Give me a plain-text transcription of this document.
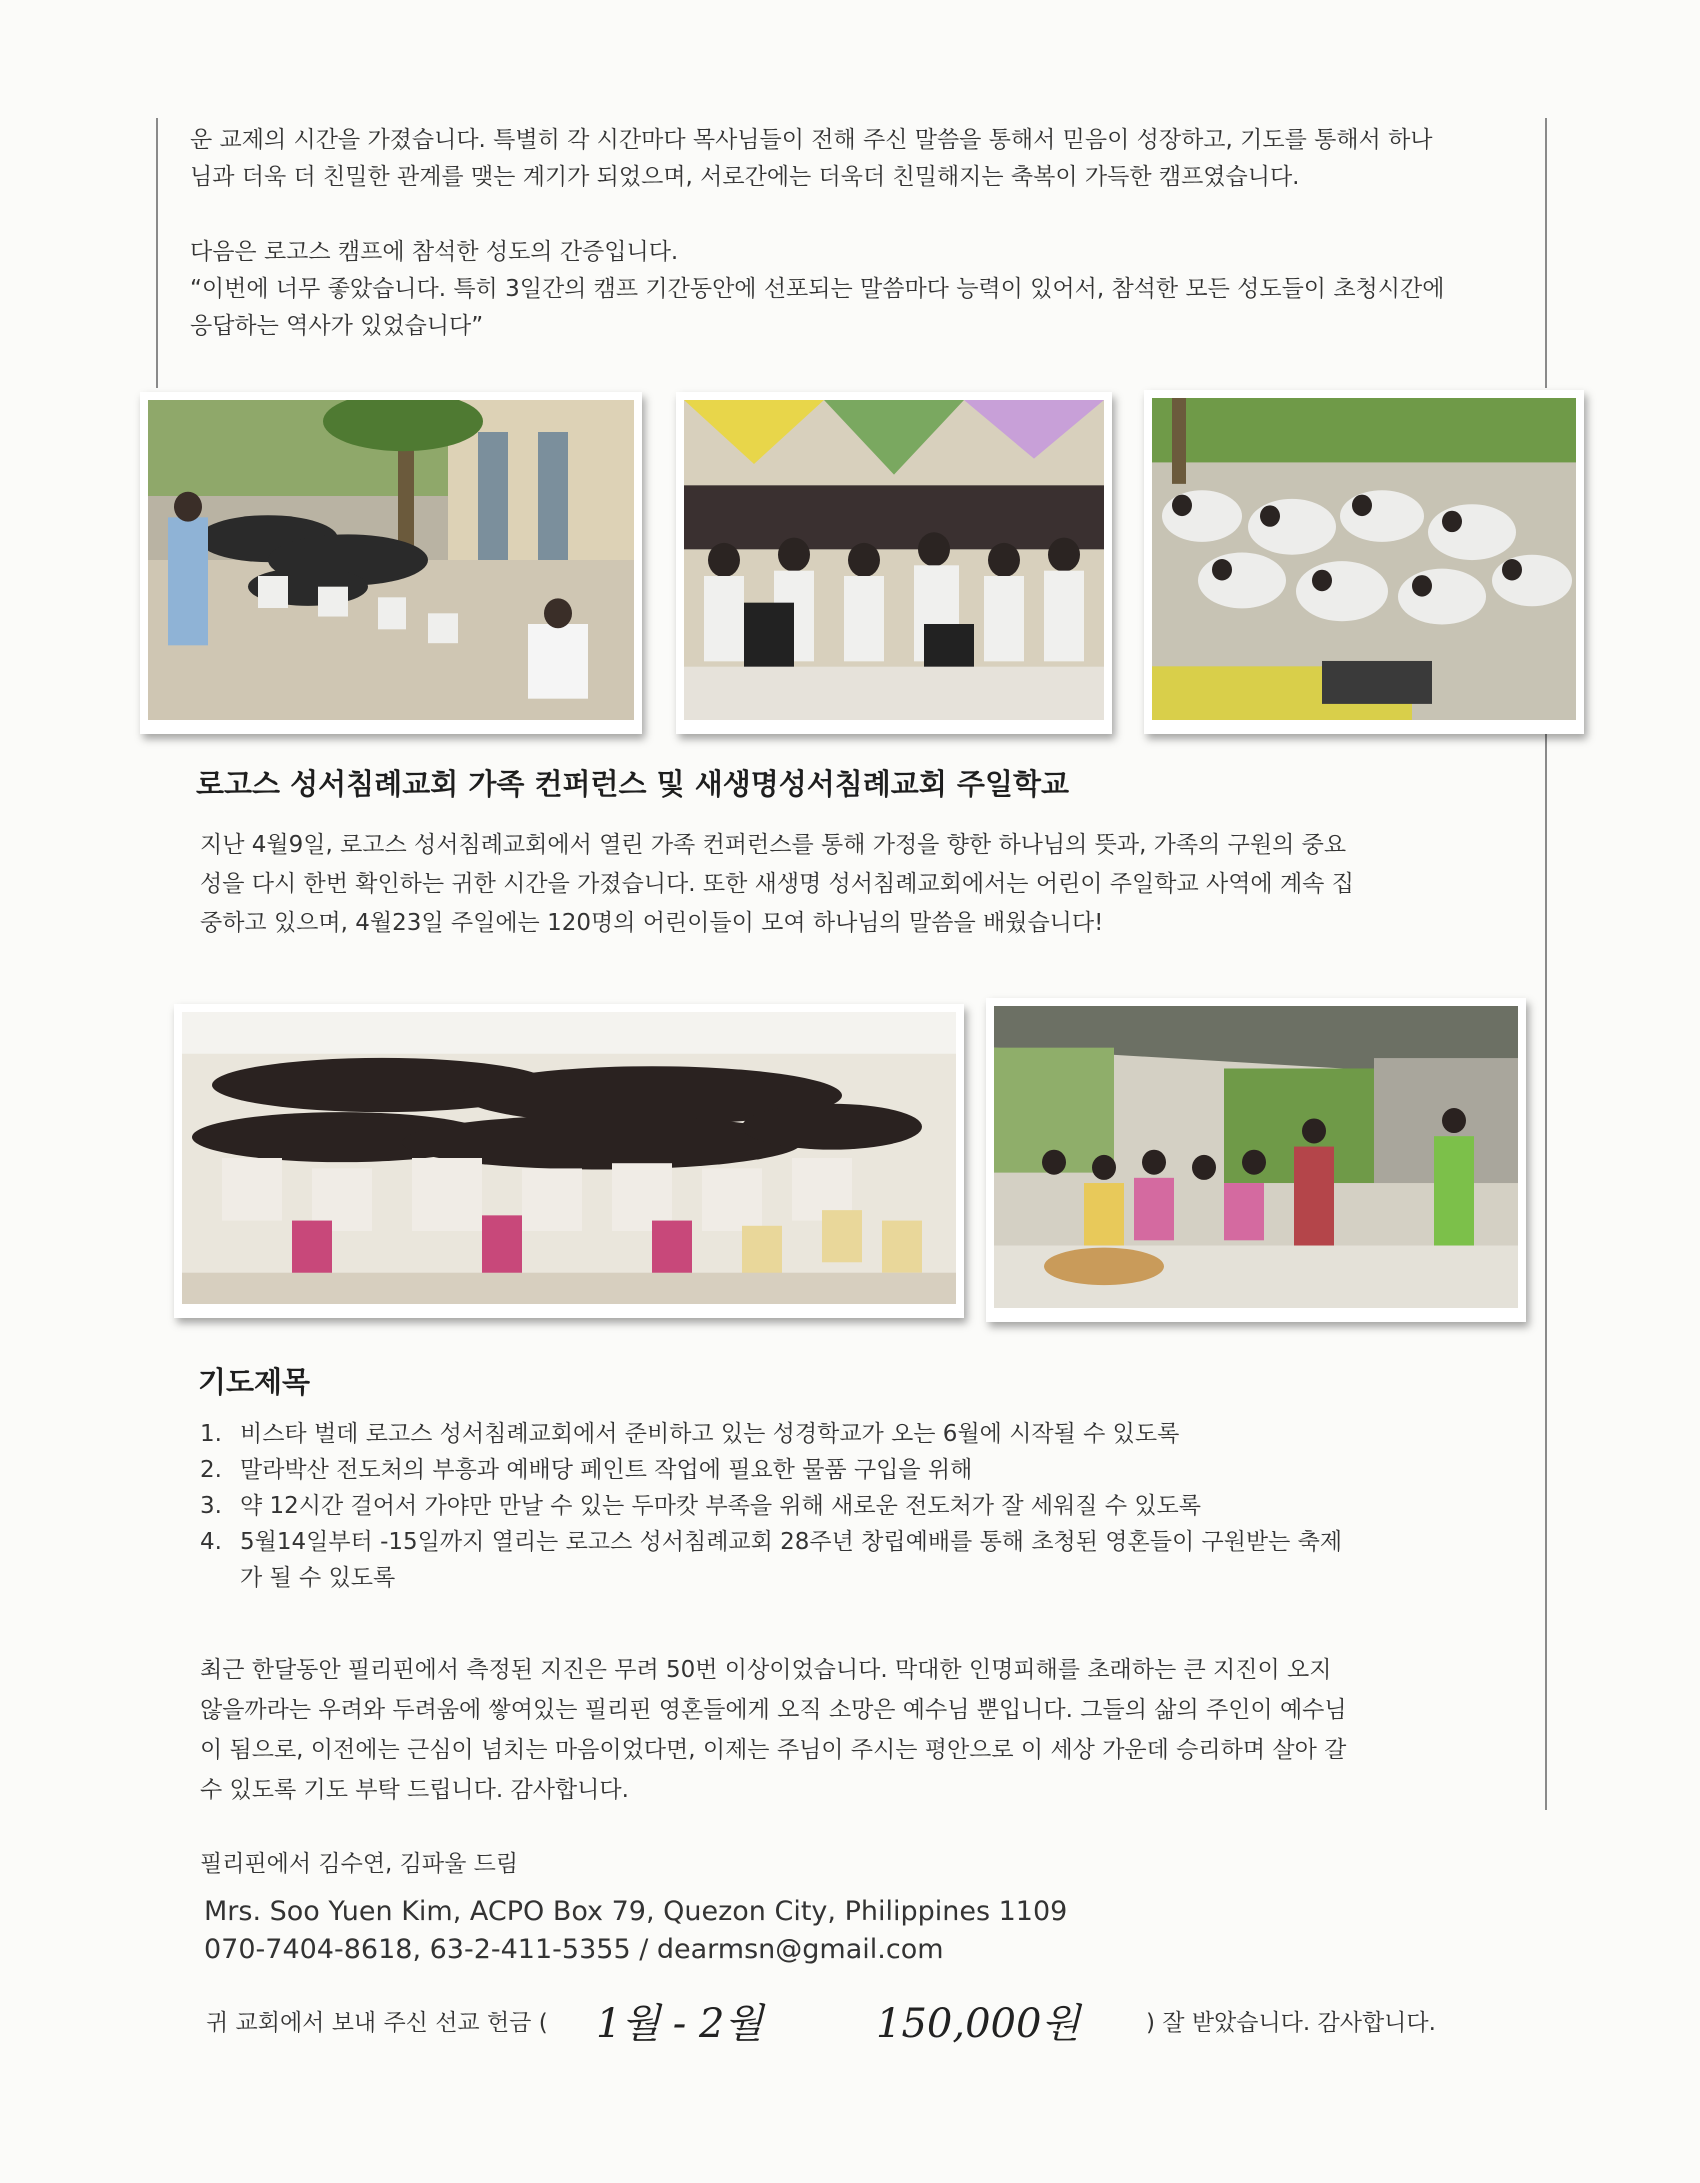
운 교제의 시간을 가졌습니다. 특별히 각 시간마다 목사님들이 전해 주신 말씀을 통해서 믿음이 성장하고, 기도를 통해서 하나

님과 더욱 더 친밀한 관계를 맺는 계기가 되었으며, 서로간에는 더욱더 친밀해지는 축복이 가득한 캠프였습니다.

다음은 로고스 캠프에 참석한 성도의 간증입니다.

“이번에 너무 좋았습니다. 특히 3일간의 캠프 기간동안에 선포되는 말씀마다 능력이 있어서, 참석한 모든 성도들이 초청시간에

응답하는 역사가 있었습니다”

로고스 성서침례교회 가족 컨퍼런스 및 새생명성서침례교회 주일학교

지난 4월9일, 로고스 성서침례교회에서 열린 가족 컨퍼런스를 통해 가정을 향한 하나님의 뜻과, 가족의 구원의 중요

성을 다시 한번 확인하는 귀한 시간을 가졌습니다. 또한 새생명 성서침례교회에서는 어린이 주일학교 사역에 계속 집

중하고 있으며, 4월23일 주일에는 120명의 어린이들이 모여 하나님의 말씀을 배웠습니다!

기도제목
1. 비스타 벌데 로고스 성서침례교회에서 준비하고 있는 성경학교가 오는 6월에 시작될 수 있도록
2. 말라박산 전도처의 부흥과 예배당 페인트 작업에 필요한 물품 구입을 위해
3. 약 12시간 걸어서 가야만 만날 수 있는 두마캇 부족을 위해 새로운 전도처가 잘 세워질 수 있도록
4. 5월14일부터 -15일까지 열리는 로고스 성서침례교회 28주년 창립예배를 통해 초청된 영혼들이 구원받는 축제
가 될 수 있도록

최근 한달동안 필리핀에서 측정된 지진은 무려 50번 이상이었습니다. 막대한 인명피해를 초래하는 큰 지진이 오지

않을까라는 우려와 두려움에 쌓여있는 필리핀 영혼들에게 오직 소망은 예수님 뿐입니다. 그들의 삶의 주인이 예수님

이 됨으로, 이전에는 근심이 넘치는 마음이었다면, 이제는 주님이 주시는 평안으로 이 세상 가운데 승리하며 살아 갈

수 있도록 기도 부탁 드립니다. 감사합니다.

필리핀에서 김수연, 김파울 드림
Mrs. Soo Yuen Kim, ACPO Box 79, Quezon City, Philippines 1109
070-7404-8618, 63-2-411-5355 / dearmsn@gmail.com
귀 교회에서 보내 주신 선교 헌금 ( 1월 - 2월	150,000원	) 잘 받았습니다. 감사합니다.
